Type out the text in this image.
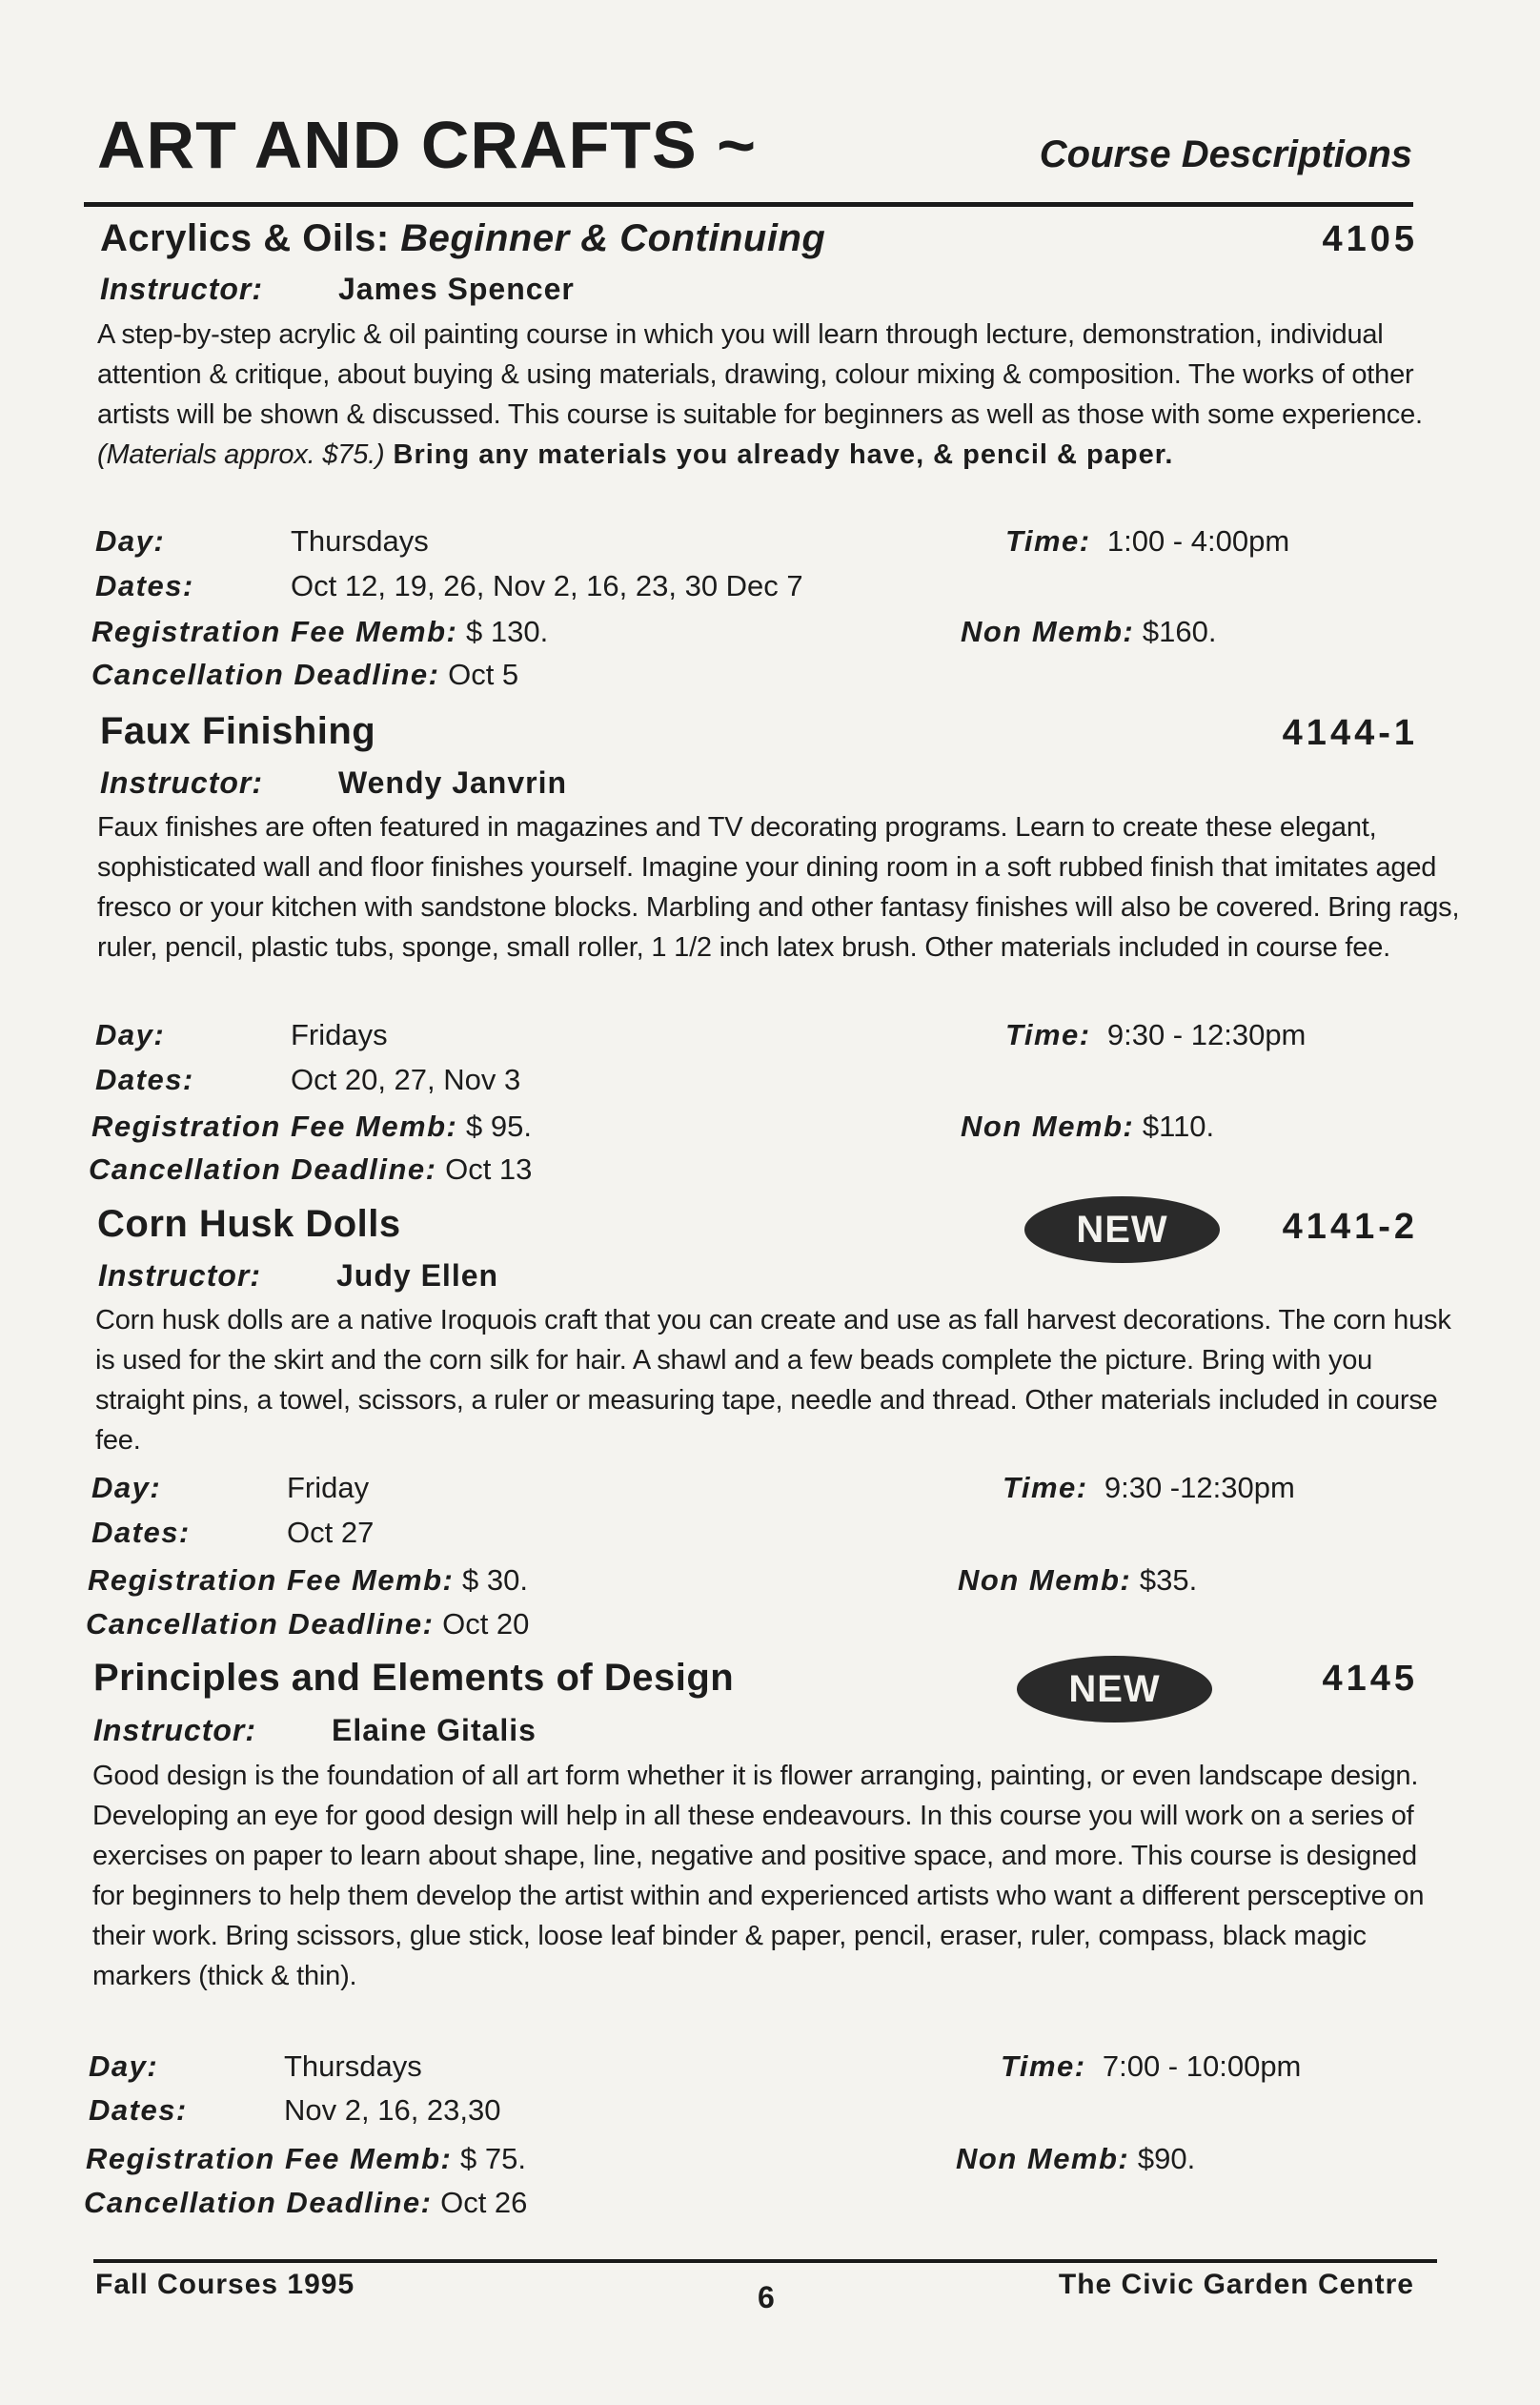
ART AND CRAFTS ~	Course Descriptions
Acrylics & Oils: Beginner & Continuing	4105
Instructor: James Spencer
A step-by-step acrylic & oil painting course in which you will learn through lecture, demonstration, individual attention & critique, about buying & using materials, drawing, colour mixing & composition. The works of other artists will be shown & discussed. This course is suitable for beginners as well as those with some experience. (Materials approx. $75.) Bring any materials you already have, & pencil & paper.
Day:	Thursdays	Time: 1:00 - 4:00pm
Dates:	Oct 12, 19, 26, Nov 2, 16, 23, 30 Dec 7
Registration Fee Memb: $ 130.	Non Memb: $160.
Cancellation Deadline: Oct 5
Faux Finishing	4144-1
Instructor: Wendy Janvrin
Faux finishes are often featured in magazines and TV decorating programs. Learn to create these elegant, sophisticated wall and floor finishes yourself. Imagine your dining room in a soft rubbed finish that imitates aged fresco or your kitchen with sandstone blocks. Marbling and other fantasy finishes will also be covered. Bring rags, ruler, pencil, plastic tubs, sponge, small roller, 1 1/2 inch latex brush. Other materials included in course fee.
Day:	Fridays	Time: 9:30 - 12:30pm
Dates:	Oct 20, 27, Nov 3
Registration Fee Memb: $ 95.	Non Memb: $110.
Cancellation Deadline: Oct 13
Corn Husk Dolls	NEW	4141-2
Instructor: Judy Ellen
Corn husk dolls are a native Iroquois craft that you can create and use as fall harvest decorations. The corn husk is used for the skirt and the corn silk for hair. A shawl and a few beads complete the picture. Bring with you straight pins, a towel, scissors, a ruler or measuring tape, needle and thread. Other materials included in course fee.
Day:	Friday	Time: 9:30 -12:30pm
Dates:	Oct 27
Registration Fee Memb: $ 30.	Non Memb: $35.
Cancellation Deadline: Oct 20
Principles and Elements of Design	NEW	4145
Instructor: Elaine Gitalis
Good design is the foundation of all art form whether it is flower arranging, painting, or even landscape design. Developing an eye for good design will help in all these endeavours. In this course you will work on a series of exercises on paper to learn about shape, line, negative and positive space, and more. This course is designed for beginners to help them develop the artist within and experienced artists who want a different persceptive on their work. Bring scissors, glue stick, loose leaf binder & paper, pencil, eraser, ruler, compass, black magic markers (thick & thin).
Day:	Thursdays	Time: 7:00 - 10:00pm
Dates:	Nov 2, 16, 23,30
Registration Fee Memb: $ 75.	Non Memb: $90.
Cancellation Deadline: Oct 26
Fall Courses 1995	6	The Civic Garden Centre
